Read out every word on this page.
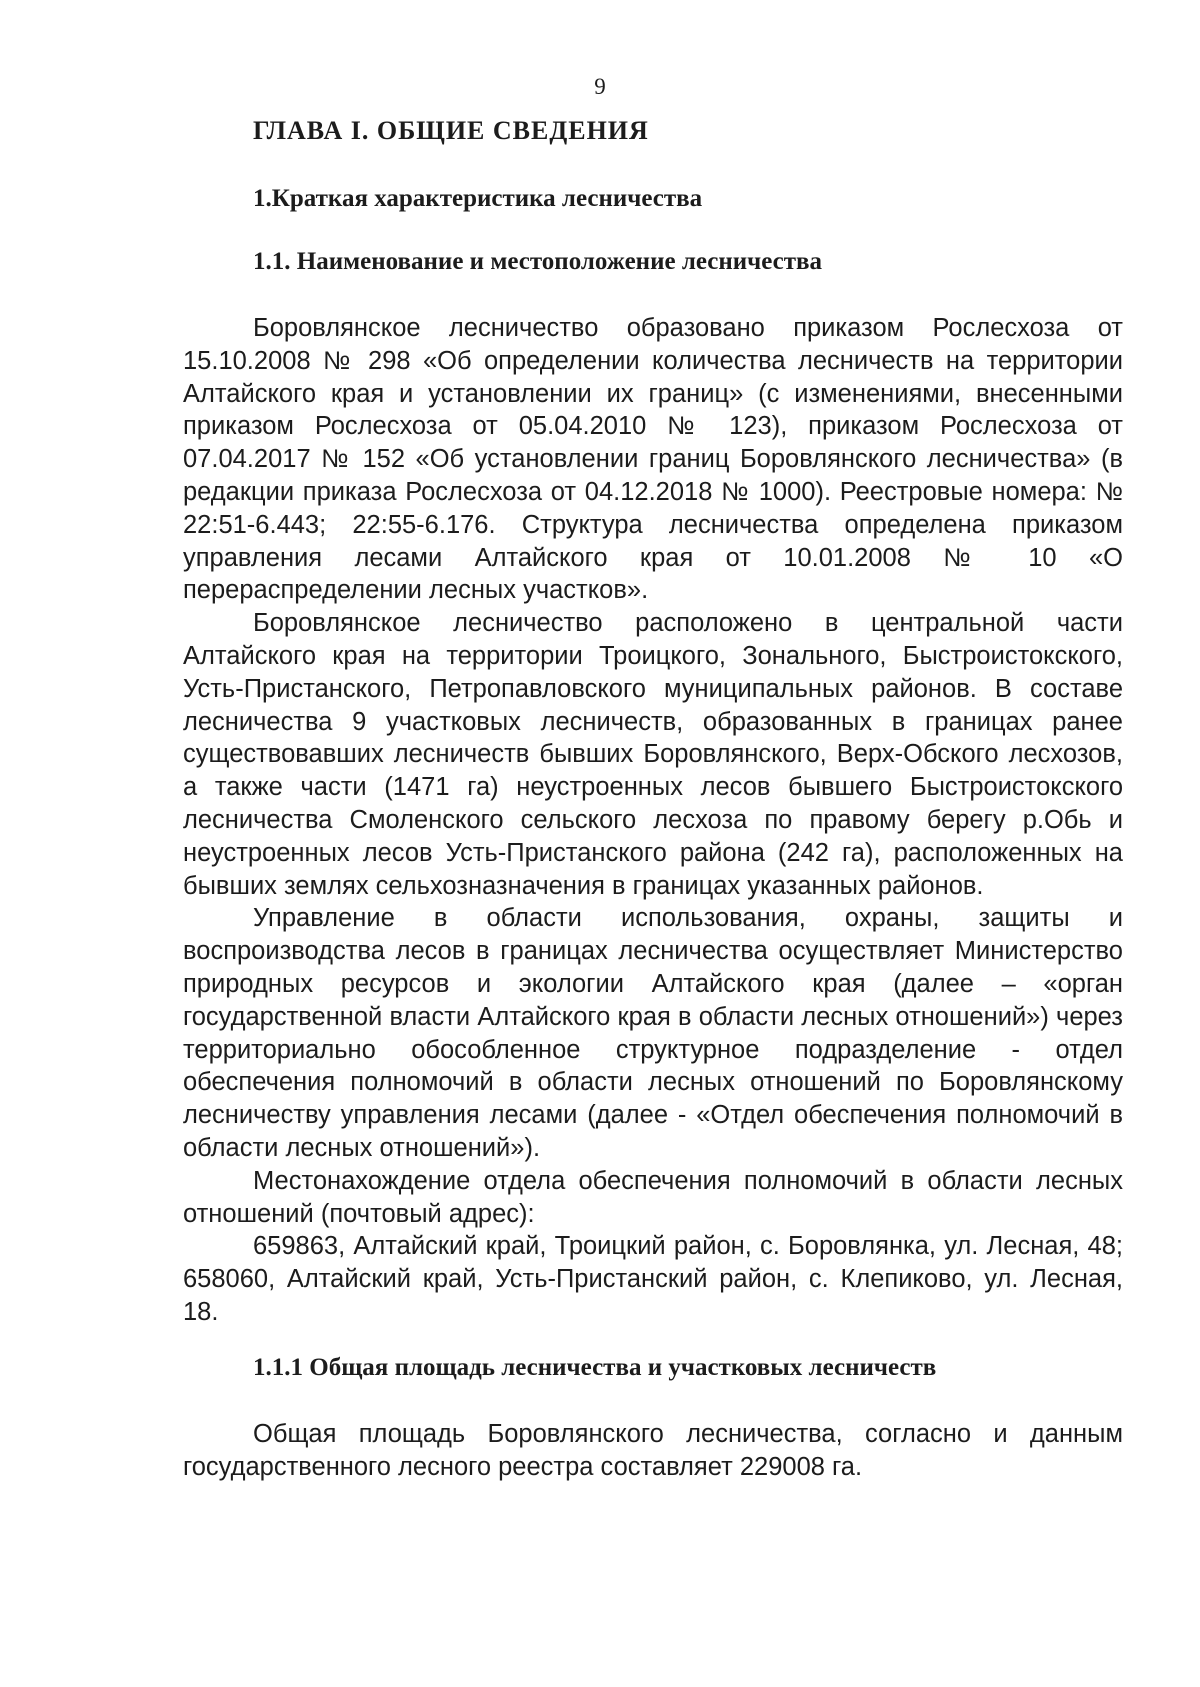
9
ГЛАВА I. ОБЩИЕ СВЕДЕНИЯ
1.Краткая характеристика лесничества
1.1. Наименование и местоположение лесничества

Боровлянское лесничество образовано приказом Рослесхоза от 15.10.2008 № 298 «Об определении количества лесничеств на территории Алтайского края и установлении их границ» (с изменениями, внесенными приказом Рослесхоза от 05.04.2010 № 123), приказом Рослесхоза от 07.04.2017 № 152 «Об установлении границ Боровлянского лесничества» (в редакции приказа Рослесхоза от 04.12.2018 № 1000). Реестровые номера: № 22:51-6.443; 22:55-6.176. Структура лесничества определена приказом управления лесами Алтайского края от 10.01.2008 № 10 «О перераспределении лесных участков».

Боровлянское лесничество расположено в центральной части Алтайского края на территории Троицкого, Зонального, Быстроистокского, Усть-Пристанского, Петропавловского муниципальных районов. В составе лесничества 9 участковых лесничеств, образованных в границах ранее существовавших лесничеств бывших Боровлянского, Верх-Обского лесхозов, а также части (1471 га) неустроенных лесов бывшего Быстроистокского лесничества Смоленского сельского лесхоза по правому берегу р.Обь и неустроенных лесов Усть-Пристанского района (242 га), расположенных на бывших землях сельхозназначения в границах указанных районов.

Управление в области использования, охраны, защиты и воспроизводства лесов в границах лесничества осуществляет Министерство природных ресурсов и экологии Алтайского края (далее – «орган государственной власти Алтайского края в области лесных отношений») через территориально обособленное структурное подразделение - отдел обеспечения полномочий в области лесных отношений по Боровлянскому лесничеству управления лесами (далее - «Отдел обеспечения полномочий в области лесных отношений»).

Местонахождение отдела обеспечения полномочий в области лесных отношений (почтовый адрес):

659863, Алтайский край, Троицкий район, с. Боровлянка, ул. Лесная, 48; 658060, Алтайский край, Усть-Пристанский район, с. Клепиково, ул. Лесная, 18.

1.1.1 Общая площадь лесничества и участковых лесничеств

Общая площадь Боровлянского лесничества, согласно и данным государственного лесного реестра составляет 229008 га.
